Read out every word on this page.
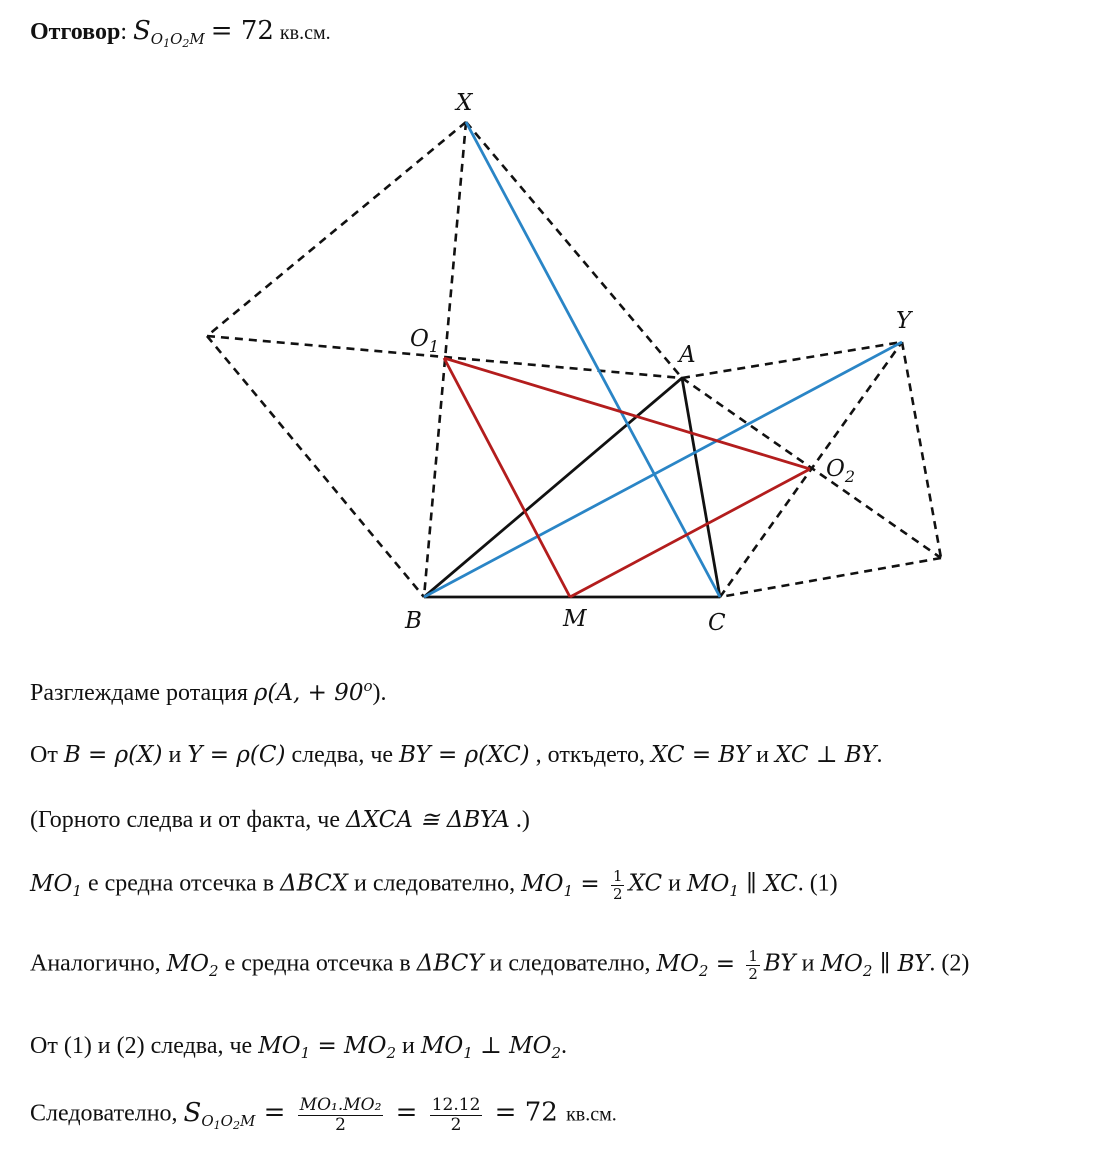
Отговор: $S_{O_1O_2M} = 72$ кв.см.
X
Y
A
B	C
M
$O_1$
$O_2$
Разглеждаме ротация ρ(A, + $90^o$).
От B = ρ(X) и Y = ρ(C) следва, че BY = ρ(XC) , откъдето, XC = BY и XC ⊥ BY.
(Горното следва и от факта, че ΔXCA ≅ ΔBYA .)
$MO_1$ е средна отсечка в ΔBCX и следователно, $MO_1 = \frac{1}{2}$ XC и $MO_1$ ∥ XC. (1)
Аналогично, $MO_2$ е средна отсечка в ΔBCY и следователно, $MO_2 = \frac{1}{2}$ BY и $MO_2$ ∥ BY. (2)
От (1) и (2) следва, че $MO_1 = MO_2$ и $MO_1$ ⊥ $MO_2$.
Следователно, $S_{O_1O_2M} = \frac{\text{MO₁.MO₂}}{2} = \frac{12.12}{2} = 72$ кв.см.
